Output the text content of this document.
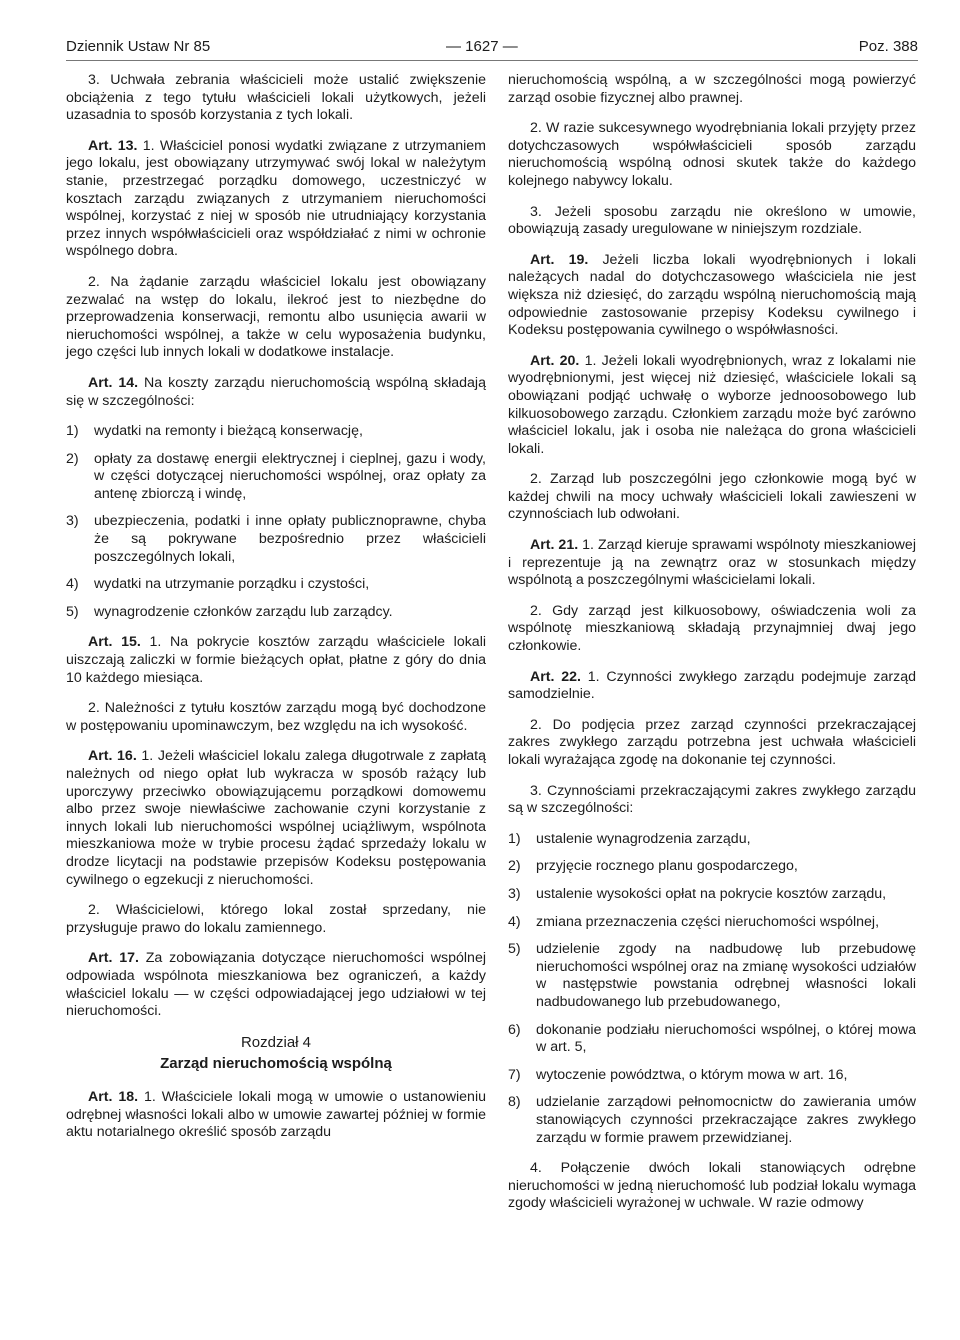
Dziennik Ustaw Nr 85	— 1627 —	Poz. 388

3. Uchwała zebrania właścicieli może ustalić zwiększenie obciążenia z tego tytułu właścicieli lokali użytkowych, jeżeli uzasadnia to sposób korzystania z tych lokali.

Art. 13. 1. Właściciel ponosi wydatki związane z utrzymaniem jego lokalu, jest obowiązany utrzymywać swój lokal w należytym stanie, przestrzegać porządku domowego, uczestniczyć w kosztach zarządu związanych z utrzymaniem nieruchomości wspólnej, korzystać z niej w sposób nie utrudniający korzystania przez innych współwłaścicieli oraz współdziałać z nimi w ochronie wspólnego dobra.

2. Na żądanie zarządu właściciel lokalu jest obowiązany zezwalać na wstęp do lokalu, ilekroć jest to niezbędne do przeprowadzenia konserwacji, remontu albo usunięcia awarii w nieruchomości wspólnej, a także w celu wyposażenia budynku, jego części lub innych lokali w dodatkowe instalacje.

Art. 14. Na koszty zarządu nieruchomością wspólną składają się w szczególności:

1)	wydatki na remonty i bieżącą konserwację,
2)	opłaty za dostawę energii elektrycznej i cieplnej, gazu i wody, w części dotyczącej nieruchomości wspólnej, oraz opłaty za antenę zbiorczą i windę,
3)	ubezpieczenia, podatki i inne opłaty publicznoprawne, chyba że są pokrywane bezpośrednio przez właścicieli poszczególnych lokali,
4)	wydatki na utrzymanie porządku i czystości,
5)	wynagrodzenie członków zarządu lub zarządcy.

Art. 15. 1. Na pokrycie kosztów zarządu właściciele lokali uiszczają zaliczki w formie bieżących opłat, płatne z góry do dnia 10 każdego miesiąca.

2. Należności z tytułu kosztów zarządu mogą być dochodzone w postępowaniu upominawczym, bez względu na ich wysokość.

Art. 16. 1. Jeżeli właściciel lokalu zalega długotrwale z zapłatą należnych od niego opłat lub wykracza w sposób rażący lub uporczywy przeciwko obowiązującemu porządkowi domowemu albo przez swoje niewłaściwe zachowanie czyni korzystanie z innych lokali lub nieruchomości wspólnej uciążliwym, wspólnota mieszkaniowa może w trybie procesu żądać sprzedaży lokalu w drodze licytacji na podstawie przepisów Kodeksu postępowania cywilnego o egzekucji z nieruchomości.

2. Właścicielowi, którego lokal został sprzedany, nie przysługuje prawo do lokalu zamiennego.

Art. 17. Za zobowiązania dotyczące nieruchomości wspólnej odpowiada wspólnota mieszkaniowa bez ograniczeń, a każdy właściciel lokalu — w części odpowiadającej jego udziałowi w tej nieruchomości.

Rozdział 4
Zarząd nieruchomością wspólną

Art. 18. 1. Właściciele lokali mogą w umowie o ustanowieniu odrębnej własności lokali albo w umowie zawartej później w formie aktu notarialnego określić sposób zarządu

nieruchomością wspólną, a w szczególności mogą powierzyć zarząd osobie fizycznej albo prawnej.

2. W razie sukcesywnego wyodrębniania lokali przyjęty przez dotychczasowych współwłaścicieli sposób zarządu nieruchomością wspólną odnosi skutek także do każdego kolejnego nabywcy lokalu.

3. Jeżeli sposobu zarządu nie określono w umowie, obowiązują zasady uregulowane w niniejszym rozdziale.

Art. 19. Jeżeli liczba lokali wyodrębnionych i lokali należących nadal do dotychczasowego właściciela nie jest większa niż dziesięć, do zarządu wspólną nieruchomością mają odpowiednie zastosowanie przepisy Kodeksu cywilnego i Kodeksu postępowania cywilnego o współwłasności.

Art. 20. 1. Jeżeli lokali wyodrębnionych, wraz z lokalami nie wyodrębnionymi, jest więcej niż dziesięć, właściciele lokali są obowiązani podjąć uchwałę o wyborze jednoosobowego lub kilkuosobowego zarządu. Członkiem zarządu może być zarówno właściciel lokalu, jak i osoba nie należąca do grona właścicieli lokali.

2. Zarząd lub poszczególni jego członkowie mogą być w każdej chwili na mocy uchwały właścicieli lokali zawieszeni w czynnościach lub odwołani.

Art. 21. 1. Zarząd kieruje sprawami wspólnoty mieszkaniowej i reprezentuje ją na zewnątrz oraz w stosunkach między wspólnotą a poszczególnymi właścicielami lokali.

2. Gdy zarząd jest kilkuosobowy, oświadczenia woli za wspólnotę mieszkaniową składają przynajmniej dwaj jego członkowie.

Art. 22. 1. Czynności zwykłego zarządu podejmuje zarząd samodzielnie.

2. Do podjęcia przez zarząd czynności przekraczającej zakres zwykłego zarządu potrzebna jest uchwała właścicieli lokali wyrażająca zgodę na dokonanie tej czynności.

3. Czynnościami przekraczającymi zakres zwykłego zarządu są w szczególności:

1)	ustalenie wynagrodzenia zarządu,
2)	przyjęcie rocznego planu gospodarczego,
3)	ustalenie wysokości opłat na pokrycie kosztów zarządu,
4)	zmiana przeznaczenia części nieruchomości wspólnej,
5)	udzielenie zgody na nadbudowę lub przebudowę nieruchomości wspólnej oraz na zmianę wysokości udziałów w następstwie powstania odrębnej własności lokali nadbudowanego lub przebudowanego,
6)	dokonanie podziału nieruchomości wspólnej, o której mowa w art. 5,
7)	wytoczenie powództwa, o którym mowa w art. 16,
8)	udzielanie zarządowi pełnomocnictw do zawierania umów stanowiących czynności przekraczające zakres zwykłego zarządu w formie prawem przewidzianej.

4. Połączenie dwóch lokali stanowiących odrębne nieruchomości w jedną nieruchomość lub podział lokalu wymaga zgody właścicieli wyrażonej w uchwale. W razie odmowy
